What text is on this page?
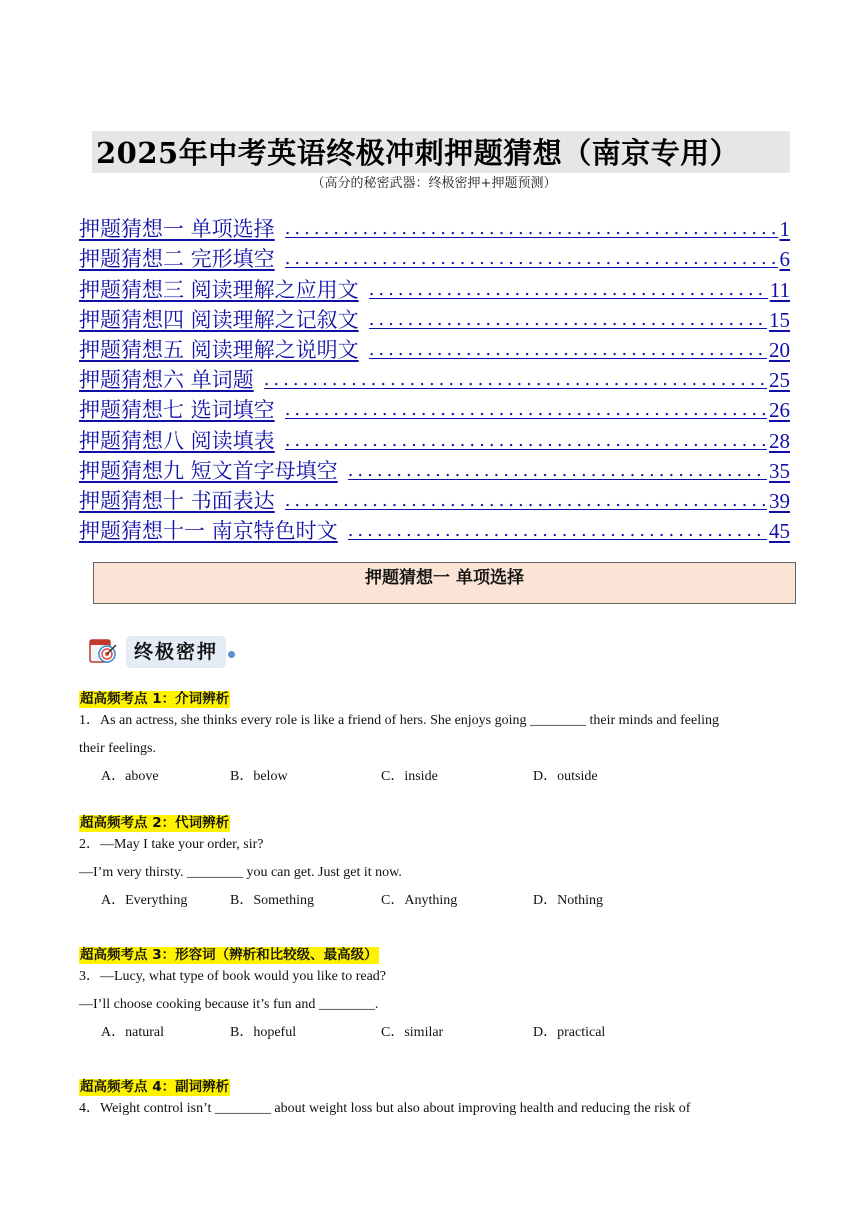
2025年中考英语终极冲刺押题猜想（南京专用）
（高分的秘密武器：终极密押+押题预测）
押题猜想一 单项选择 .....	1
押题猜想二 完形填空 .....	6
押题猜想三 阅读理解之应用文 .....	11
押题猜想四 阅读理解之记叙文 .....	15
押题猜想五 阅读理解之说明文 .....	20
押题猜想六 单词题 .....	25
押题猜想七 选词填空 .....	26
押题猜想八 阅读填表 .....	28
押题猜想九 短文首字母填空 .....	35
押题猜想十 书面表达 .....	39
押题猜想十一 南京特色时文 .....	45
押题猜想一 单项选择
终极密押
超高频考点 1：介词辨析
1．As an actress, she thinks every role is like a friend of hers. She enjoys going ________ their minds and feeling
their feelings.
A．above	B．below	C．inside	D．outside
超高频考点 2：代词辨析
2．—May I take your order, sir?
—I’m very thirsty. ________ you can get. Just get it now.
A．Everything	B．Something	C．Anything	D．Nothing
超高频考点 3：形容词（辨析和比较级、最高级）
3．—Lucy, what type of book would you like to read?
—I’ll choose cooking because it’s fun and ________.
A．natural	B．hopeful	C．similar	D．practical
超高频考点 4：副词辨析
4．Weight control isn’t ________ about weight loss but also about improving health and reducing the risk of
